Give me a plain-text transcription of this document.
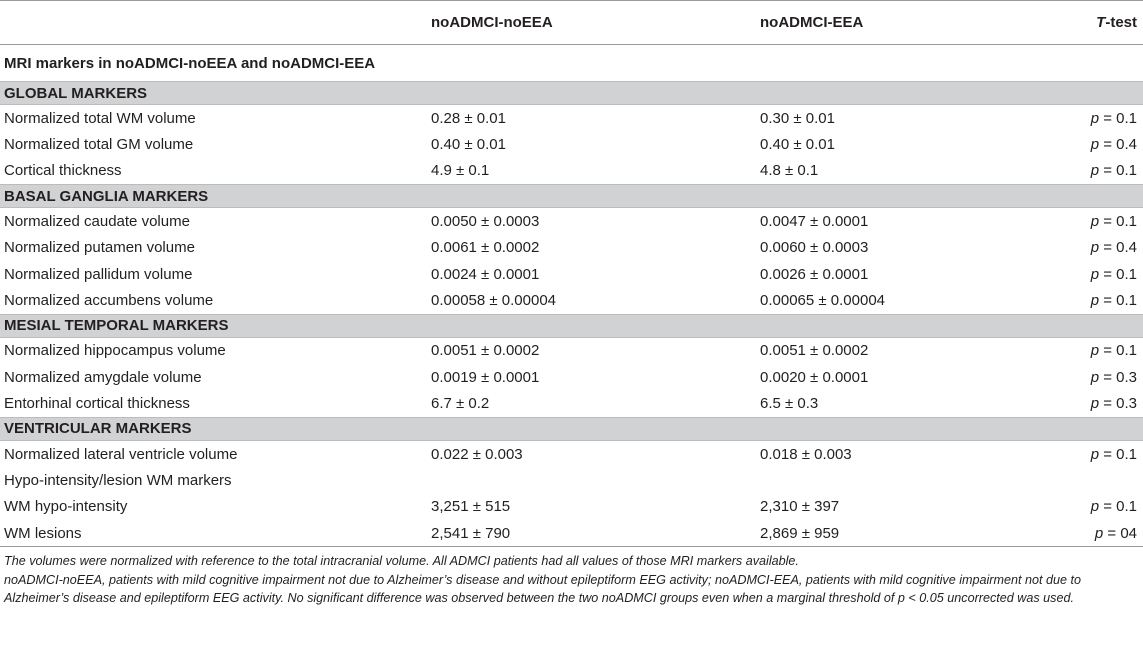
	noADMCI-noEEA	noADMCI-EEA	T-test
MRI markers in noADMCI-noEEA and noADMCI-EEA			
GLOBAL MARKERS			
Normalized total WM volume	0.28 ± 0.01	0.30 ± 0.01	p = 0.1
Normalized total GM volume	0.40 ± 0.01	0.40 ± 0.01	p = 0.4
Cortical thickness	4.9 ± 0.1	4.8 ± 0.1	p = 0.1
BASAL GANGLIA MARKERS			
Normalized caudate volume	0.0050 ± 0.0003	0.0047 ± 0.0001	p = 0.1
Normalized putamen volume	0.0061 ± 0.0002	0.0060 ± 0.0003	p = 0.4
Normalized pallidum volume	0.0024 ± 0.0001	0.0026 ± 0.0001	p = 0.1
Normalized accumbens volume	0.00058 ± 0.00004	0.00065 ± 0.00004	p = 0.1
MESIAL TEMPORAL MARKERS			
Normalized hippocampus volume	0.0051 ± 0.0002	0.0051 ± 0.0002	p = 0.1
Normalized amygdale volume	0.0019 ± 0.0001	0.0020 ± 0.0001	p = 0.3
Entorhinal cortical thickness	6.7 ± 0.2	6.5 ± 0.3	p = 0.3
VENTRICULAR MARKERS			
Normalized lateral ventricle volume	0.022 ± 0.003	0.018 ± 0.003	p = 0.1
Hypo-intensity/lesion WM markers			
WM hypo-intensity	3,251 ± 515	2,310 ± 397	p = 0.1
WM lesions	2,541 ± 790	2,869 ± 959	p = 04

The volumes were normalized with reference to the total intracranial volume. All ADMCI patients had all values of those MRI markers available.

noADMCI-noEEA, patients with mild cognitive impairment not due to Alzheimer’s disease and without epileptiform EEG activity; noADMCI-EEA, patients with mild cognitive impairment not due to Alzheimer’s disease and epileptiform EEG activity. No significant difference was observed between the two noADMCI groups even when a marginal threshold of p < 0.05 uncorrected was used.
